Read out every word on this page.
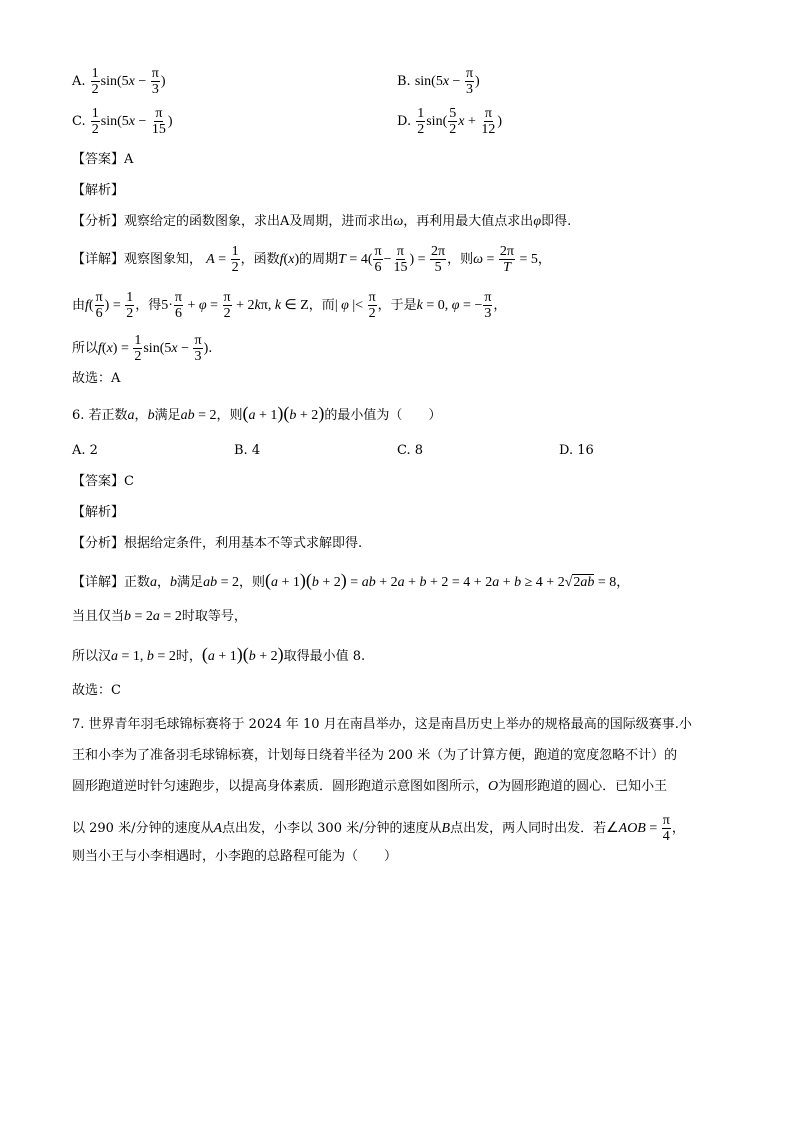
A. $\frac{1}{2} \sin(5x - \frac{\pi}{3}$ )	B. $\sin(5x - \frac{\pi}{3}$ )
C. $\frac{1}{2} \sin(5x - \frac{\pi}{15}$ )	D. $\frac{1}{2} \sin( \frac{5}{2}$ $x + \frac{\pi}{12}$ )
【答案】A
【解析】
【分析】观察给定的函数图象，求出A及周期，进而求出ω，再利用最大值点求出φ即得.
【详解】观察图象知， $A = \frac{1}{2}$ ，函数f(x)的周期$T = 4( \frac{\pi}{6} - \frac{\pi}{15}$ ) = $\frac{2\pi}{5}$ ，则$\omega = \frac{2\pi}{T} = 5$，
由$f( \frac{\pi}{6}$ ) = $\frac{1}{2}$ ，得$5\cdot \frac{\pi}{6} + \varphi = \frac{\pi}{2} + 2k\pi$, k ∈ Z，而| φ |< $\frac{\pi}{2}$ ，于是k = 0, φ = − $\frac{\pi}{3}$ ，
所以$f(x) = \frac{1}{2} \sin(5x - \frac{\pi}{3}$ ).
故选：A
6. 若正数a，b满足ab = 2，则(a + 1)(b + 2)的最小值为（　　）
A. 2	B. 4	C. 8	D. 16
【答案】C
【解析】
【分析】根据给定条件，利用基本不等式求解即得.
【详解】正数a，b满足ab = 2，则(a + 1)(b + 2) = ab + 2a + b + 2 = 4 + 2a + b ≥ 4 + 2√2ab = 8，
当且仅当b = 2a = 2时取等号，
所以汉a = 1, b = 2时，(a + 1)(b + 2)取得最小值 8.
故选：C
7. 世界青年羽毛球锦标赛将于 2024 年 10 月在南昌举办，这是南昌历史上举办的规格最高的国际级赛事.小
王和小李为了准备羽毛球锦标赛，计划每日绕着半径为 200 米（为了计算方便，跑道的宽度忽略不计）的
圆形跑道逆时针匀速跑步，以提高身体素质．圆形跑道示意图如图所示，O为圆形跑道的圆心．已知小王
以 290 米/分钟的速度从A点出发，小李以 300 米/分钟的速度从B点出发，两人同时出发．若∠AOB = $\frac{\pi}{4}$ ，
则当小王与小李相遇时，小李跑的总路程可能为（　　）
